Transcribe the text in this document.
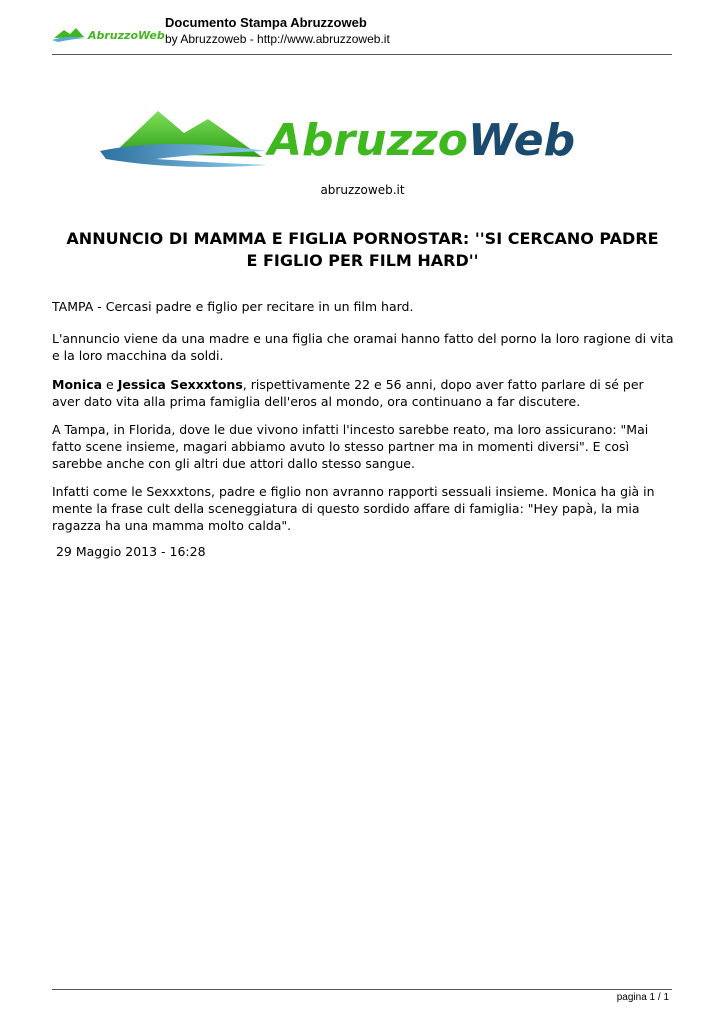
AbruzzoWeb
Documento Stampa Abruzzoweb
by Abruzzoweb - http://www.abruzzoweb.it
AbruzzoWeb
abruzzoweb.it
ANNUNCIO DI MAMMA E FIGLIA PORNOSTAR: ''SI CERCANO PADRE E FIGLIO PER FILM HARD''

TAMPA - Cercasi padre e figlio per recitare in un film hard.

L'annuncio viene da una madre e una figlia che oramai hanno fatto del porno la loro ragione di vita e la loro macchina da soldi.

Monica e Jessica Sexxxtons, rispettivamente 22 e 56 anni, dopo aver fatto parlare di sé per aver dato vita alla prima famiglia dell'eros al mondo, ora continuano a far discutere.

A Tampa, in Florida, dove le due vivono infatti l'incesto sarebbe reato, ma loro assicurano: "Mai fatto scene insieme, magari abbiamo avuto lo stesso partner ma in momenti diversi". E così sarebbe anche con gli altri due attori dallo stesso sangue.

Infatti come le Sexxxtons, padre e figlio non avranno rapporti sessuali insieme. Monica ha già in mente la frase cult della sceneggiatura di questo sordido affare di famiglia: "Hey papà, la mia ragazza ha una mamma molto calda".

29 Maggio 2013 - 16:28

pagina 1 / 1
